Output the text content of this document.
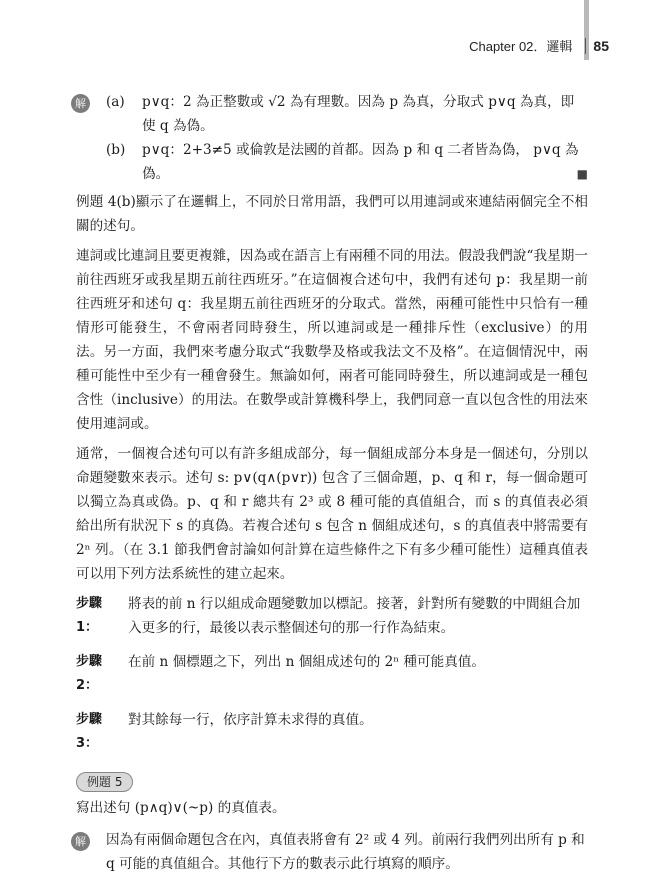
Chapter 02．邏輯 85
解 (a) p∨q：2 為正整數或 √2 為有理數。因為 p 為真，分取式 p∨q 為真，即
使 q 為偽。
(b) p∨q：2+3≠5 或倫敦是法國的首都。因為 p 和 q 二者皆為偽， p∨q 為
偽。	■

例題 4(b)顯示了在邏輯上，不同於日常用語，我們可以用連詞或來連結兩個完全不相關的述句。

連詞或比連詞且要更複雜，因為或在語言上有兩種不同的用法。假設我們說“我星期一前往西班牙或我星期五前往西班牙。”在這個複合述句中，我們有述句 p：我星期一前往西班牙和述句 q：我星期五前往西班牙的分取式。當然，兩種可能性中只恰有一種情形可能發生，不會兩者同時發生，所以連詞或是一種排斥性（exclusive）的用法。另一方面，我們來考慮分取式“我數學及格或我法文不及格”。在這個情況中，兩種可能性中至少有一種會發生。無論如何，兩者可能同時發生，所以連詞或是一種包含性（inclusive）的用法。在數學或計算機科學上，我們同意一直以包含性的用法來使用連詞或。

通常，一個複合述句可以有許多組成部分，每一個組成部分本身是一個述句，分別以命題變數來表示。述句 s: p∨(q∧(p∨r)) 包含了三個命題，p、q 和 r，每一個命題可以獨立為真或偽。p、q 和 r 總共有 2³ 或 8 種可能的真值組合，而 s 的真值表必須給出所有狀況下 s 的真偽。若複合述句 s 包含 n 個組成述句，s 的真值表中將需要有 2ⁿ 列。（在 3.1 節我們會討論如何計算在這些條件之下有多少種可能性）這種真值表可以用下列方法系統性的建立起來。

步驟 1：
將表的前 n 行以組成命題變數加以標記。接著，針對所有變數的中間組合加入更多的行，最後以表示整個述句的那一行作為結束。
步驟 2：
在前 n 個標題之下，列出 n 個組成述句的 2ⁿ 種可能真值。
步驟 3：
對其餘每一行，依序計算未求得的真值。
例題 5
寫出述句 (p∧q)∨(~p) 的真值表。
解 因為有兩個命題包含在內，真值表將會有 2² 或 4 列。前兩行我們列出所有 p 和 q 可能的真值組合。其他行下方的數表示此行填寫的順序。
